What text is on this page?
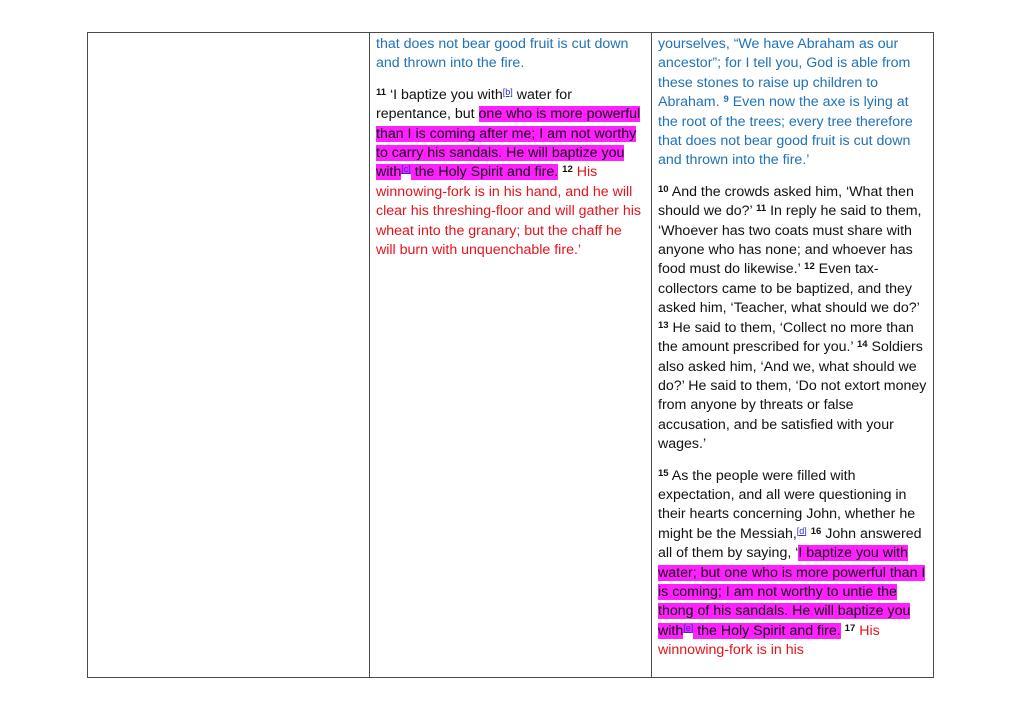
that does not bear good fruit is cut down and thrown into the fire.

$^{11}$ ‘I baptize you with[b] water for repentance, but one who is more powerful than I is coming after me; I am not worthy to carry his sandals. He will baptize you with[c] the Holy Spirit and fire. $^{12}$ His winnowing-fork is in his hand, and he will clear his threshing-floor and will gather his wheat into the granary; but the chaff he will burn with unquenchable fire.’

yourselves, “We have Abraham as our ancestor”; for I tell you, God is able from these stones to raise up children to Abraham. $^9$ Even now the axe is lying at the root of the trees; every tree therefore that does not bear good fruit is cut down and thrown into the fire.’

$^{10}$ And the crowds asked him, ‘What then should we do?’ $^{11}$ In reply he said to them, ‘Whoever has two coats must share with anyone who has none; and whoever has food must do likewise.’ $^{12}$ Even tax-collectors came to be baptized, and they asked him, ‘Teacher, what should we do?’ $^{13}$ He said to them, ‘Collect no more than the amount prescribed for you.’ $^{14}$ Soldiers also asked him, ‘And we, what should we do?’ He said to them, ‘Do not extort money from anyone by threats or false accusation, and be satisfied with your wages.’

$^{15}$ As the people were filled with expectation, and all were questioning in their hearts concerning John, whether he might be the Messiah,[d] $^{16}$ John answered all of them by saying, ‘I baptize you with water; but one who is more powerful than I is coming; I am not worthy to untie the thong of his sandals. He will baptize you with[e] the Holy Spirit and fire. $^{17}$ His winnowing-fork is in his
